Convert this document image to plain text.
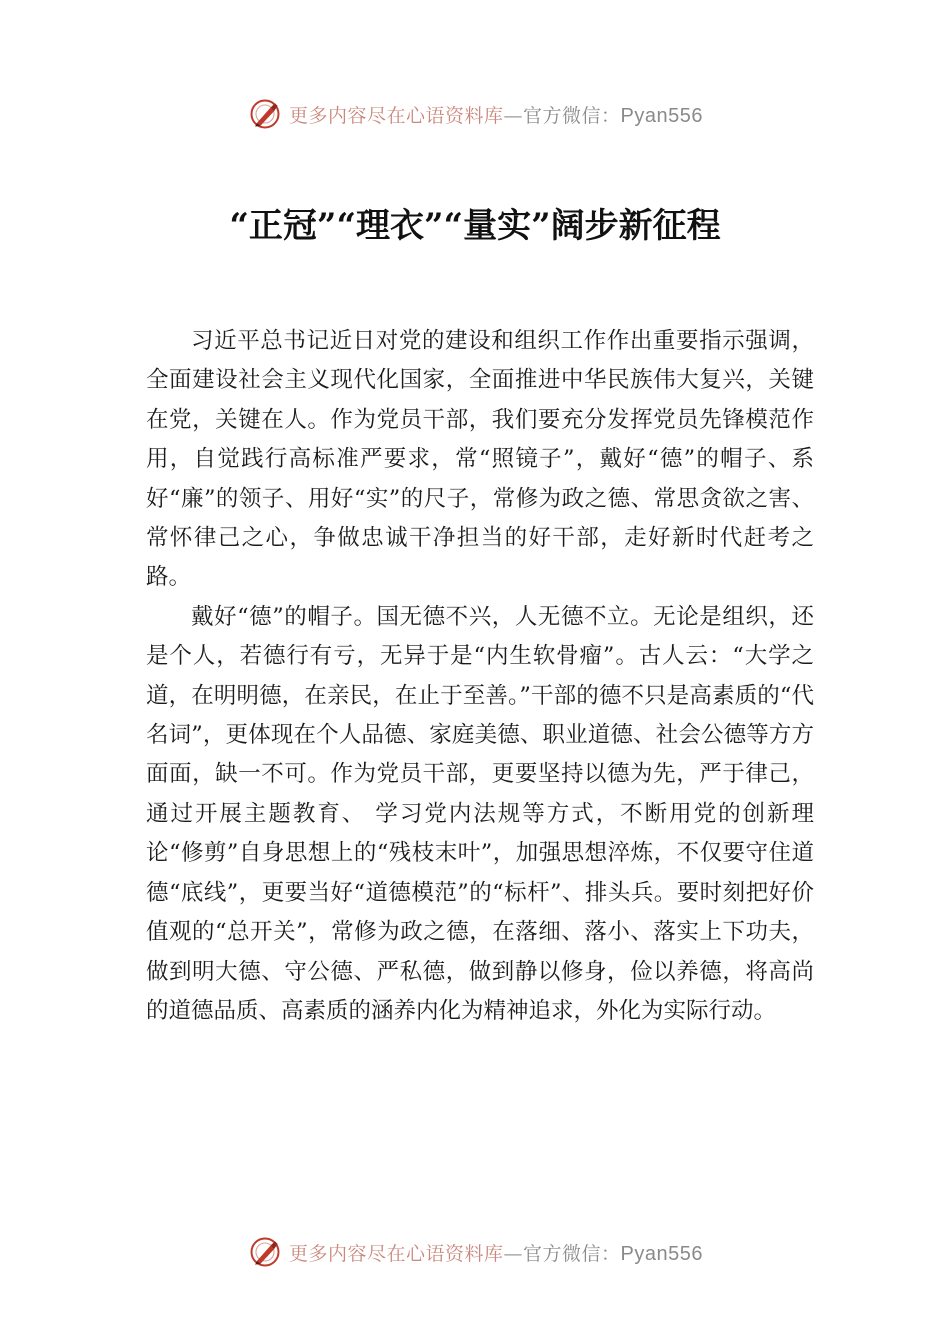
更多内容尽在心语资料库—官方微信：Pyan556
“正冠”“理衣”“量实”阔步新征程

习近平总书记近日对党的建设和组织工作作出重要指示强调，全面建设社会主义现代化国家，全面推进中华民族伟大复兴，关键在党，关键在人。作为党员干部，我们要充分发挥党员先锋模范作用，自觉践行高标准严要求，常“照镜子”，戴好“德”的帽子、系好“廉”的领子、用好“实”的尺子，常修为政之德、常思贪欲之害、常怀律己之心，争做忠诚干净担当的好干部，走好新时代赶考之路。

戴好“德”的帽子。国无德不兴，人无德不立。无论是组织，还是个人，若德行有亏，无异于是“内生软骨瘤”。古人云：“大学之道，在明明德，在亲民，在止于至善。”干部的德不只是高素质的“代名词”，更体现在个人品德、家庭美德、职业道德、社会公德等方方面面，缺一不可。作为党员干部，更要坚持以德为先，严于律己，通过开展主题教育、 学习党内法规等方式，不断用党的创新理论“修剪”自身思想上的“残枝末叶”，加强思想淬炼，不仅要守住道德“底线”，更要当好“道德模范”的“标杆”、排头兵。要时刻把好价值观的“总开关”，常修为政之德，在落细、落小、落实上下功夫，做到明大德、守公德、严私德，做到静以修身，俭以养德，将高尚的道德品质、高素质的涵养内化为精神追求，外化为实际行动。

更多内容尽在心语资料库—官方微信：Pyan556
